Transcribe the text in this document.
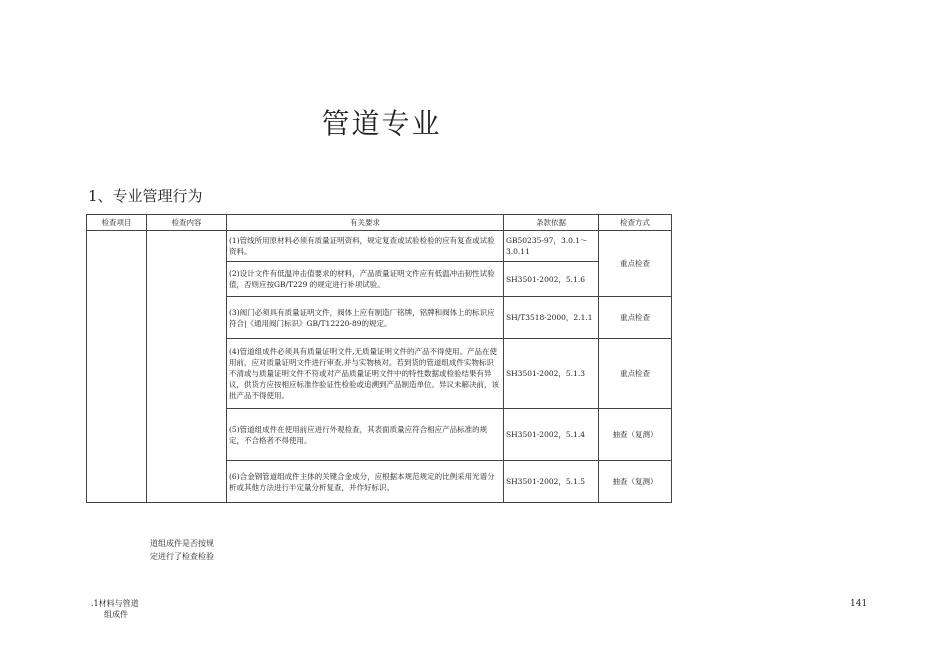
管道专业
1、专业管理行为
检查项目	检查内容	有关要求	条款依据	检查方式
		(1)管线所用原材料必须有质量证明资料，规定复查或试验检验的应有复查或试验资料。	GB50235-97，3.0.1～3.0.11	重点检查
		(2)设计文件有低温冲击值要求的材料，产品质量证明文件应有低温冲击韧性试验值，否则应按GB/T229 的规定进行补项试验。	SH3501-2002，5.1.6	
		(3)阀门必须具有质量证明文件，阀体上应有制造厂铭牌，铭牌和阀体上的标识应符合|《通用阀门标识》GB/T12220-89的规定。	SH/T3518-2000，2.1.1	重点检查
		(4)管道组成件必须具有质量证明文件,无质量证明文件的产品不得使用。产品在使用前，应对质量证明文件进行审查,并与实物核对。若到货的管道组成件实物标识不清或与质量证明文件不符或对产品质量证明文件中的特性数据或检验结果有异议，供货方应按相应标准作验证性检验或追溯到产品制造单位。异议未解决前，该批产品不得使用。	SH3501-2002，5.1.3	重点检查
		(5)管道组成件在使用前应进行外观检查，其表面质量应符合相应产品标准的规定，不合格者不得使用。	SH3501-2002，5.1.4	抽查（复测）
		(6)合金钢管道组成件主体的关键合金成分，应根据本规范规定的比例采用光谱分析或其他方法进行半定量分析复查，并作好标识。	SH3501-2002，5.1.5	抽查（复测）
道组成件是否按规
定进行了检查检验
.1材料与管道
组成件
141
